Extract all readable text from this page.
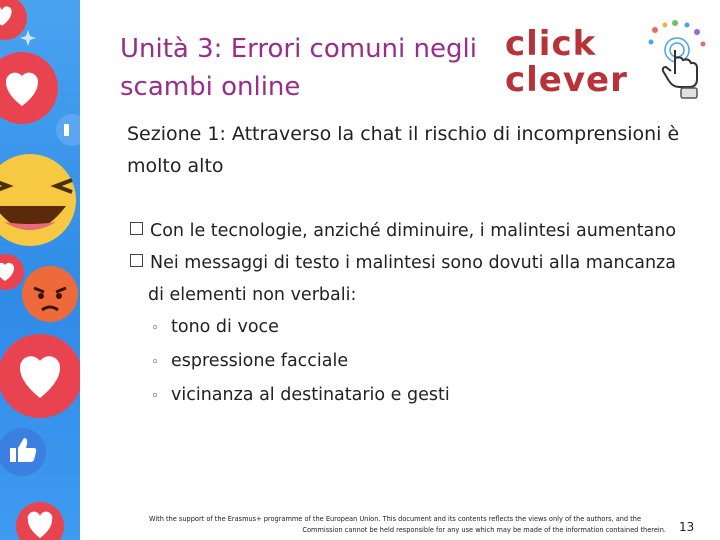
Unità 3: Errori comuni negli scambi online
click
clever
Sezione 1: Attraverso la chat il rischio di incomprensioni è molto alto
Con le tecnologie, anziché diminuire, i malintesi aumentano
Nei messaggi di testo i malintesi sono dovuti alla mancanza
di elementi non verbali:
◦ tono di voce
◦ espressione facciale
◦ vicinanza al destinatario e gesti
With the support of the Erasmus+ programme of the European Union. This document and its contents reflects the views only of the authors, and the
Commission cannot be held responsible for any use which may be made of the information contained therein.	13
